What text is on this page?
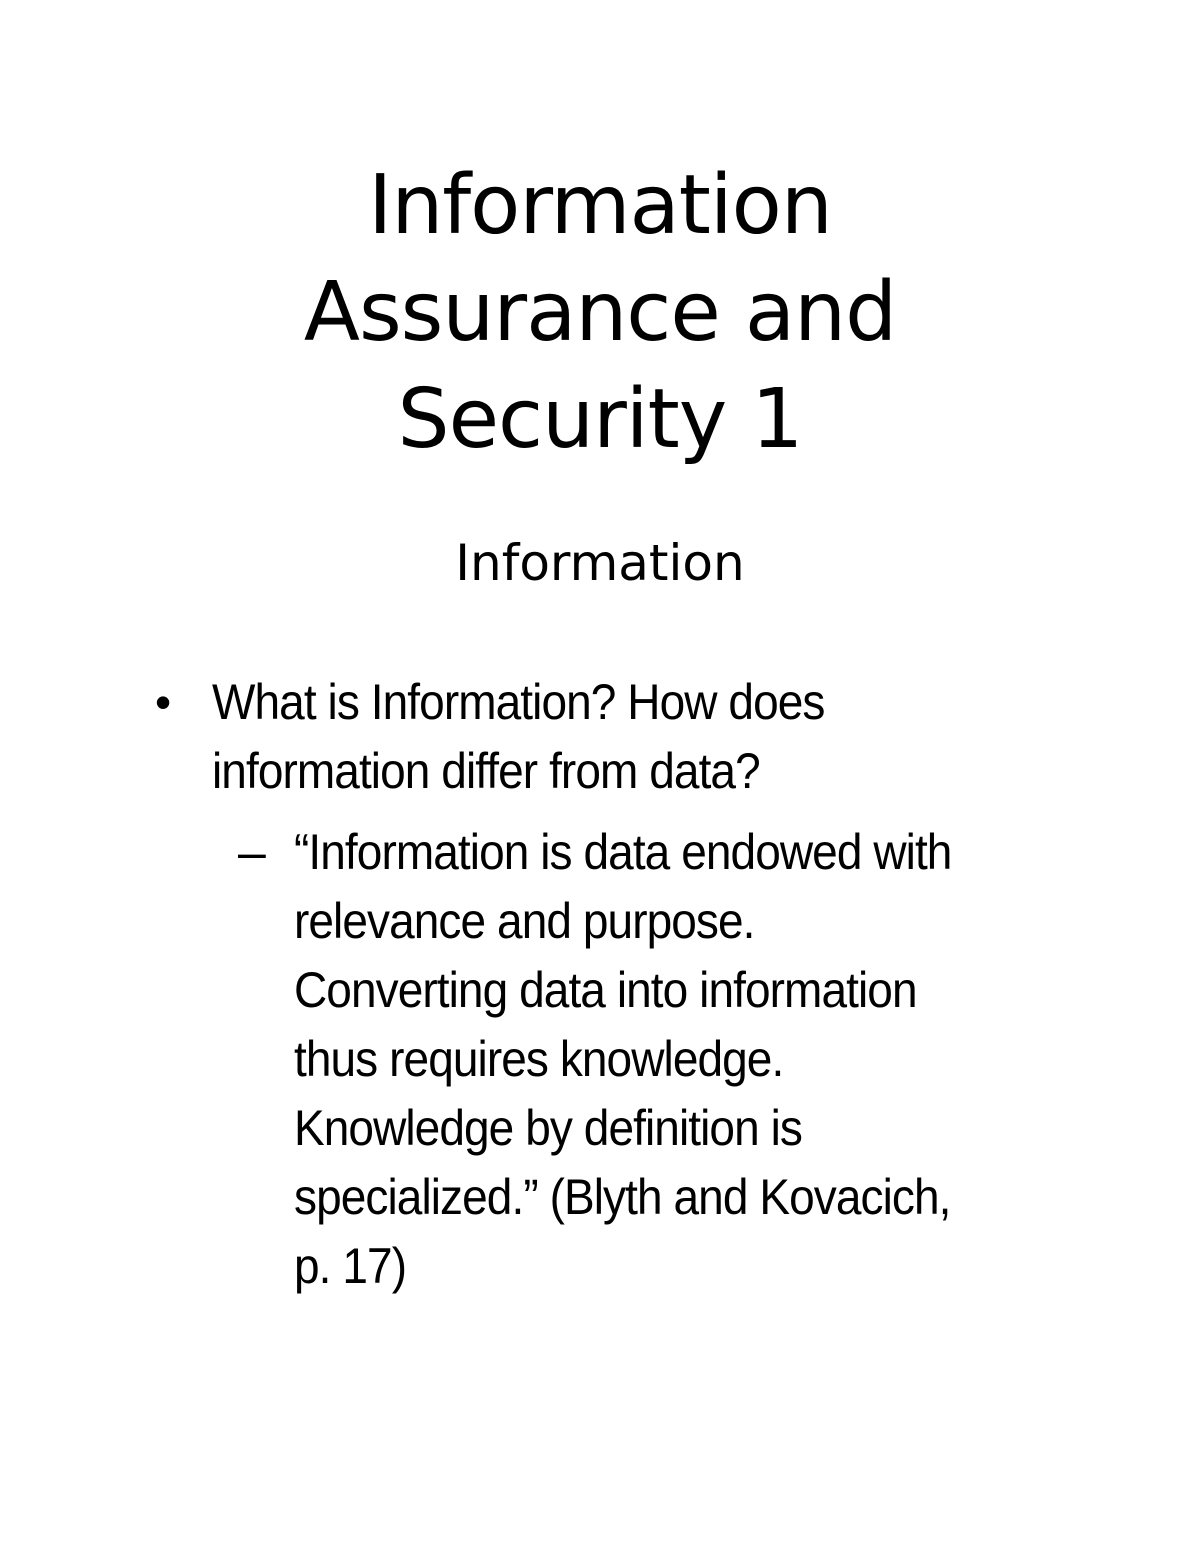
Information
Assurance and
Security 1
Information
• What is Information? How does
information differ from data?
– “Information is data endowed with
relevance and purpose.
Converting data into information
thus requires knowledge.
Knowledge by definition is
specialized.” (Blyth and Kovacich,
p. 17)
